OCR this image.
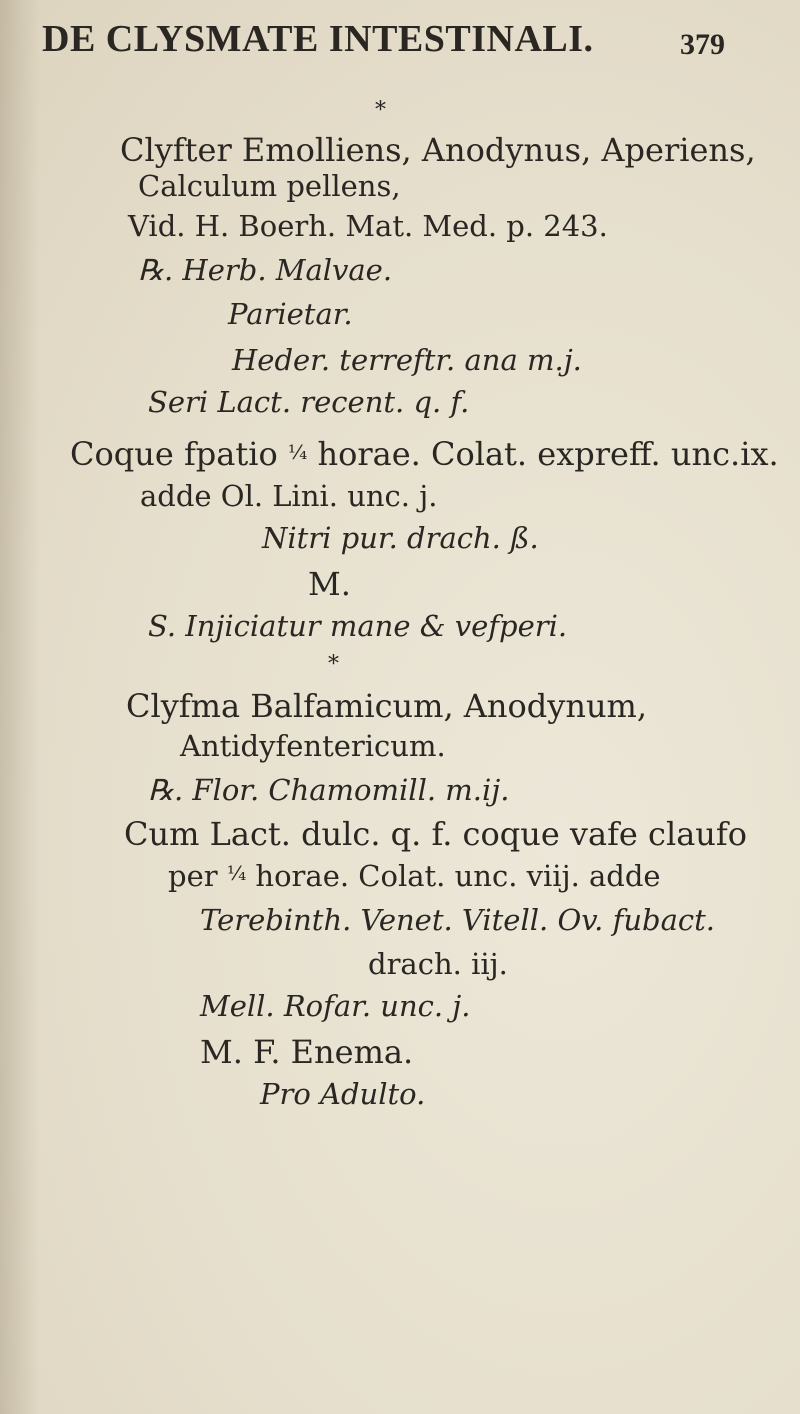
DE CLYSMATE INTESTINALI.	379
*
Clyfter Emolliens, Anodynus, Aperiens,
Calculum pellens,
Vid. H. Boerh. Mat. Med. p. 243.
℞. Herb. Malvae.
Parietar.
Heder. terreftr. ana m.j.
Seri Lact. recent. q. f.
Coque fpatio ¼ horae. Colat. expreff. unc.ix.
adde Ol. Lini. unc. j.
Nitri pur. drach. ß.
M.
S. Injiciatur mane & vefperi.
*
Clyfma Balfamicum, Anodynum,
Antidyfentericum.
℞. Flor. Chamomill. m.ij.
Cum Lact. dulc. q. f. coque vafe claufo
per $^{\frac{1}{4}}$ horae. Colat. unc. viij. adde
Terebinth. Venet. Vitell. Ov. fubact.
drach. iij.
Mell. Rofar. unc. j.
M. F. Enema.
Pro Adulto.
